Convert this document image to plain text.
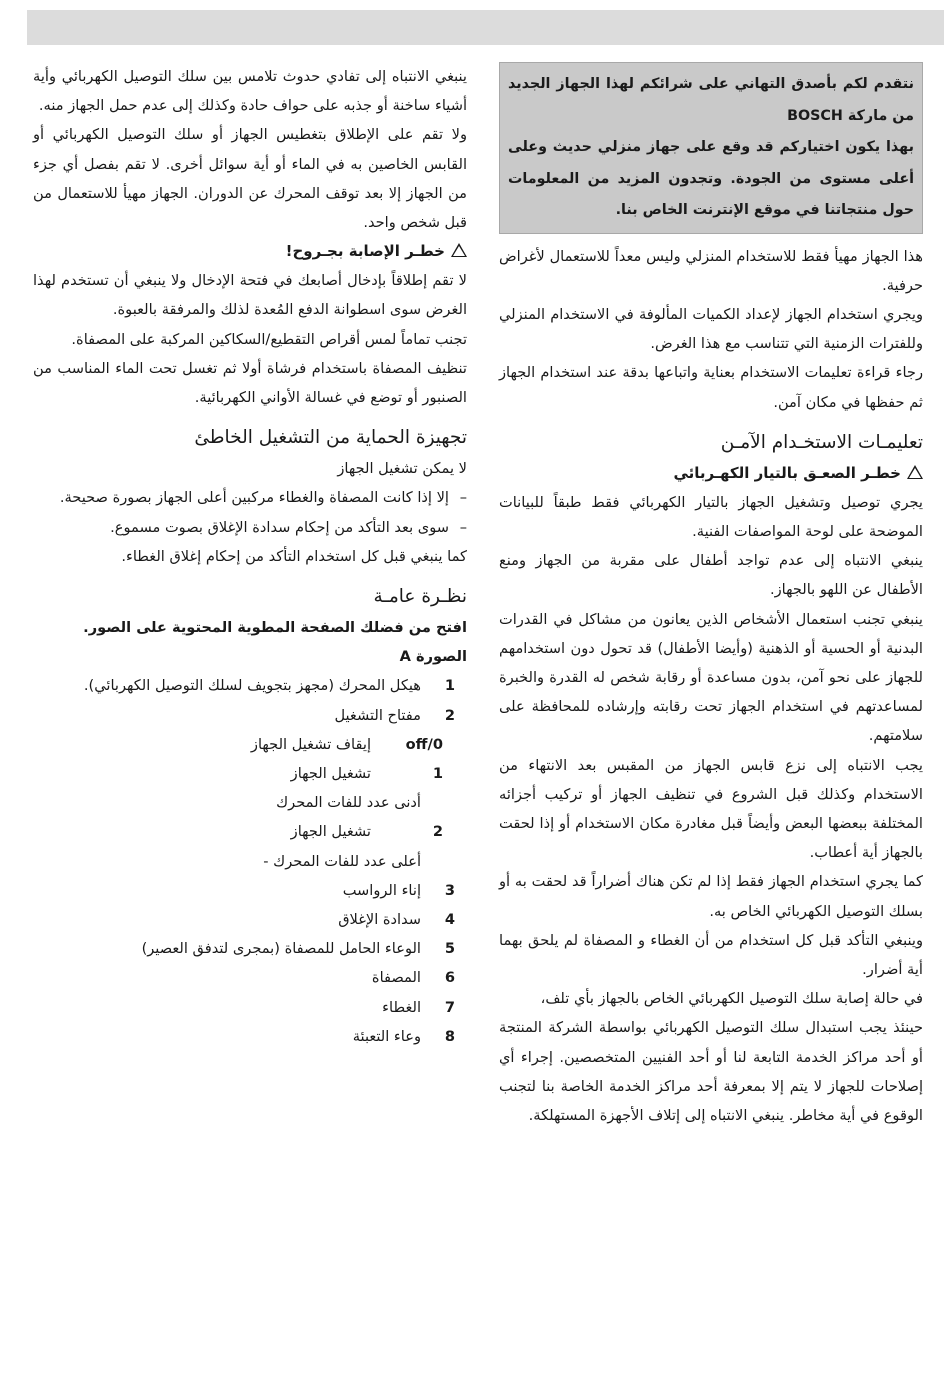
نتقدم لكم بأصدق التهاني على شرائكم لهذا الجهاز الجديد من ماركة BOSCH

بهذا يكون اختياركم قد وقع على جهاز منزلي حديث وعلى أعلى مستوى من الجودة. وتجدون المزيد من المعلومات حول منتجاتنا في موقع الإنترنت الخاص بنا.

هذا الجهاز مهيأ فقط للاستخدام المنزلي وليس معداً للاستعمال لأغراض حرفية.

ويجري استخدام الجهاز لإعداد الكميات المألوفة في الاستخدام المنزلي وللفترات الزمنية التي تتناسب مع هذا الغرض.

رجاء قراءة تعليمات الاستخدام بعناية واتباعها بدقة عند استخدام الجهاز ثم حفظها في مكان آمن.

تعليمـات الاستخـدام الآمـن

خطـر الصعـق بالتيار الكهـربائي

يجري توصيل وتشغيل الجهاز بالتيار الكهربائي فقط طبقاً للبيانات الموضحة على لوحة المواصفات الفنية.

ينبغي الانتباه إلى عدم تواجد أطفال على مقربة من الجهاز ومنع الأطفال عن اللهو بالجهاز.

ينبغي تجنب استعمال الأشخاص الذين يعانون من مشاكل في القدرات البدنية أو الحسية أو الذهنية (وأيضا الأطفال) قد تحول دون استخدامهم للجهاز على نحو آمن، بدون مساعدة أو رقابة شخص له القدرة والخبرة لمساعدتهم في استخدام الجهاز تحت رقابته وإرشاده للمحافظة على سلامتهم.

يجب الانتباه إلى نزع قابس الجهاز من المقبس بعد الانتهاء من الاستخدام وكذلك قبل الشروع في تنظيف الجهاز أو تركيب أجزائه المختلفة ببعضها البعض وأيضاً قبل مغادرة مكان الاستخدام أو إذا لحقت بالجهاز أية أعطاب.

كما يجري استخدام الجهاز فقط إذا لم تكن هناك أضراراً قد لحقت به أو بسلك التوصيل الكهربائي الخاص به.

وينبغي التأكد قبل كل استخدام من أن الغطاء و المصفاة لم يلحق بهما أية أضرار.

في حالة إصابة سلك التوصيل الكهربائي الخاص بالجهاز بأي تلف،

حينئذ يجب استبدال سلك التوصيل الكهربائي بواسطة الشركة المنتجة أو أحد مراكز الخدمة التابعة لنا أو أحد الفنيين المتخصصين. إجراء أي إصلاحات للجهاز لا يتم إلا بمعرفة أحد مراكز الخدمة الخاصة بنا لتجنب الوقوع في أية مخاطر. ينبغي الانتباه إلى إتلاف الأجهزة المستهلكة.

ينبغي الانتباه إلى تفادي حدوث تلامس بين سلك التوصيل الكهربائي وأية أشياء ساخنة أو جذبه على حواف حادة وكذلك إلى عدم حمل الجهاز منه.

ولا تقم على الإطلاق بتغطيس الجهاز أو سلك التوصيل الكهربائي أو القابس الخاصين به في الماء أو أية سوائل أخرى. لا تقم بفصل أي جزء من الجهاز إلا بعد توقف المحرك عن الدوران. الجهاز مهيأ للاستعمال من قبل شخص واحد.

خطـر الإصابة بجـروح!

لا تقم إطلاقاً بإدخال أصابعك في فتحة الإدخال ولا ينبغي أن تستخدم لهذا الغرض سوى اسطوانة الدفع المُعدة لذلك والمرفقة بالعبوة.

تجنب تماماً لمس أقراص التقطيع/السكاكين المركبة على المصفاة.

تنظيف المصفاة باستخدام فرشاة أولا ثم تغسل تحت الماء المناسب من الصنبور أو توضع في غسالة الأواني الكهربائية.

تجهيزة الحماية من التشغيل الخاطئ

لا يمكن تشغيل الجهاز

–
إلا إذا كانت المصفاة والغطاء مركبين أعلى الجهاز بصورة صحيحة.
–
سوى بعد التأكد من إحكام سدادة الإغلاق بصوت مسموع.

كما ينبغي قبل كل استخدام التأكد من إحكام إغلاق الغطاء.

نظـرة عامـة

افتح من فضلك الصفحة المطوية المحتوية على الصور.

الصورة A

1
هيكل المحرك (مجهز بتجويف لسلك التوصيل الكهربائي).
2
مفتاح التشغيل
off/0
إيقاف تشغيل الجهاز
1
تشغيل الجهاز

أدنى عدد للفات المحرك

2
تشغيل الجهاز

أعلى عدد للفات المحرك -

3
إناء الرواسب
4
سدادة الإغلاق
5
الوعاء الحامل للمصفاة (بمجرى لتدفق العصير)
6
المصفاة
7
الغطاء
8
وعاء التعبئة
